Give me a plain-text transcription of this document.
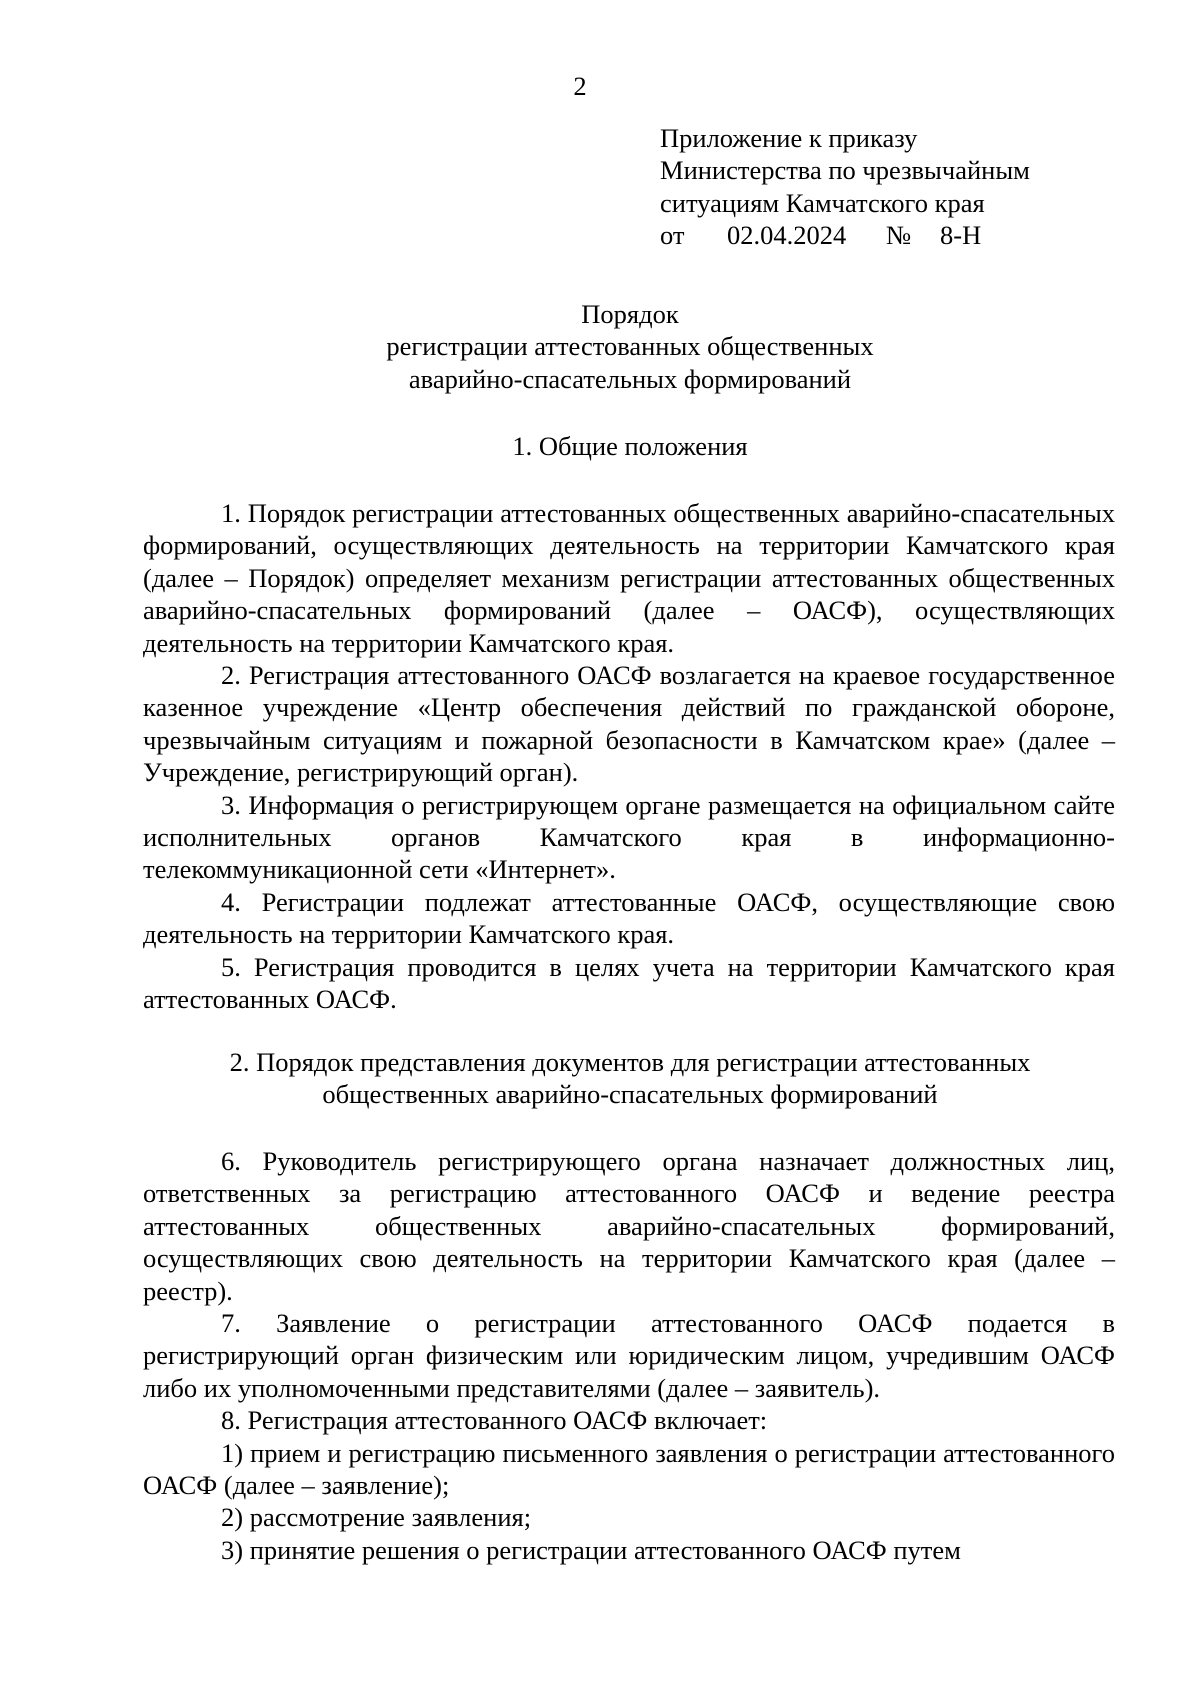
2
Приложение к приказу
Министерства по чрезвычайным
ситуациям Камчатского края
от 02.04.2024 № 8-Н
Порядок
регистрации аттестованных общественных
аварийно-спасательных формирований
1. Общие положения

1. Порядок регистрации аттестованных общественных аварийно-спасательных формирований, осуществляющих деятельность на территории Камчатского края (далее – Порядок) определяет механизм регистрации аттестованных общественных аварийно-спасательных формирований (далее – ОАСФ), осуществляющих деятельность на территории Камчатского края.

2. Регистрация аттестованного ОАСФ возлагается на краевое государственное казенное учреждение «Центр обеспечения действий по гражданской обороне, чрезвычайным ситуациям и пожарной безопасности в Камчатском крае» (далее – Учреждение, регистрирующий орган).

3. Информация о регистрирующем органе размещается на официальном сайте исполнительных органов Камчатского края в информационно-телекоммуникационной сети «Интернет».

4. Регистрации подлежат аттестованные ОАСФ, осуществляющие свою деятельность на территории Камчатского края.

5. Регистрация проводится в целях учета на территории Камчатского края аттестованных ОАСФ.

2. Порядок представления документов для регистрации аттестованных
общественных аварийно-спасательных формирований

6. Руководитель регистрирующего органа назначает должностных лиц, ответственных за регистрацию аттестованного ОАСФ и ведение реестра аттестованных общественных аварийно-спасательных формирований, осуществляющих свою деятельность на территории Камчатского края (далее – реестр).

7. Заявление о регистрации аттестованного ОАСФ подается в регистрирующий орган физическим или юридическим лицом, учредившим ОАСФ либо их уполномоченными представителями (далее – заявитель).

8. Регистрация аттестованного ОАСФ включает:

1) прием и регистрацию письменного заявления о регистрации аттестованного ОАСФ (далее – заявление);

2) рассмотрение заявления;

3) принятие решения о регистрации аттестованного ОАСФ путем
